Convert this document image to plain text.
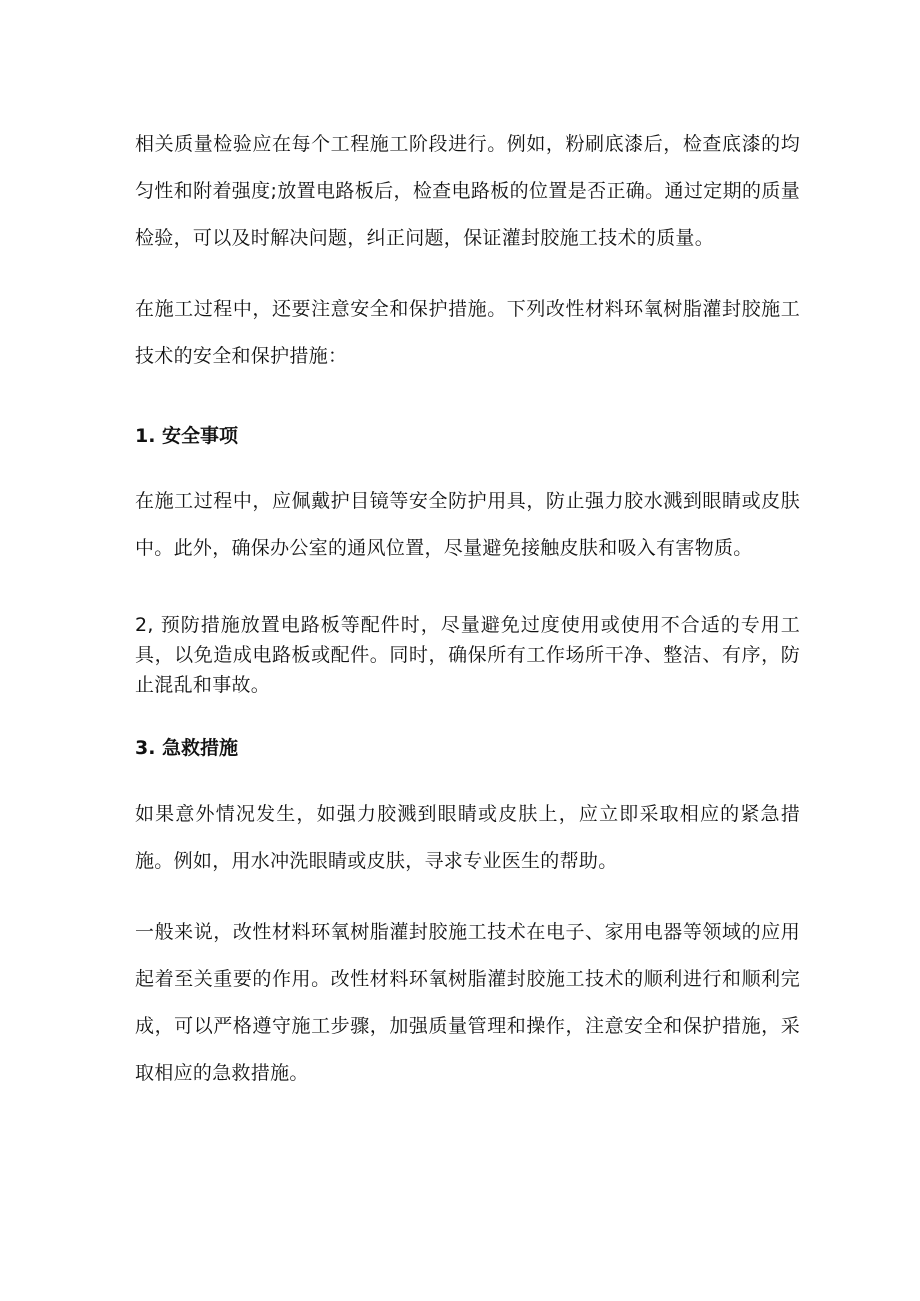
相关质量检验应在每个工程施工阶段进行。例如，粉刷底漆后，检查底漆的均匀性和附着强度;放置电路板后，检查电路板的位置是否正确。通过定期的质量检验，可以及时解决问题，纠正问题，保证灌封胶施工技术的质量。

在施工过程中，还要注意安全和保护措施。下列改性材料环氧树脂灌封胶施工技术的安全和保护措施：

1. 安全事项

在施工过程中，应佩戴护目镜等安全防护用具，防止强力胶水溅到眼睛或皮肤中。此外，确保办公室的通风位置，尽量避免接触皮肤和吸入有害物质。

2, 预防措施放置电路板等配件时，尽量避免过度使用或使用不合适的专用工具，以免造成电路板或配件。同时，确保所有工作场所干净、整洁、有序，防止混乱和事故。

3. 急救措施

如果意外情况发生，如强力胶溅到眼睛或皮肤上，应立即采取相应的紧急措施。例如，用水冲洗眼睛或皮肤，寻求专业医生的帮助。

一般来说，改性材料环氧树脂灌封胶施工技术在电子、家用电器等领域的应用起着至关重要的作用。改性材料环氧树脂灌封胶施工技术的顺利进行和顺利完成，可以严格遵守施工步骤，加强质量管理和操作，注意安全和保护措施，采取相应的急救措施。
